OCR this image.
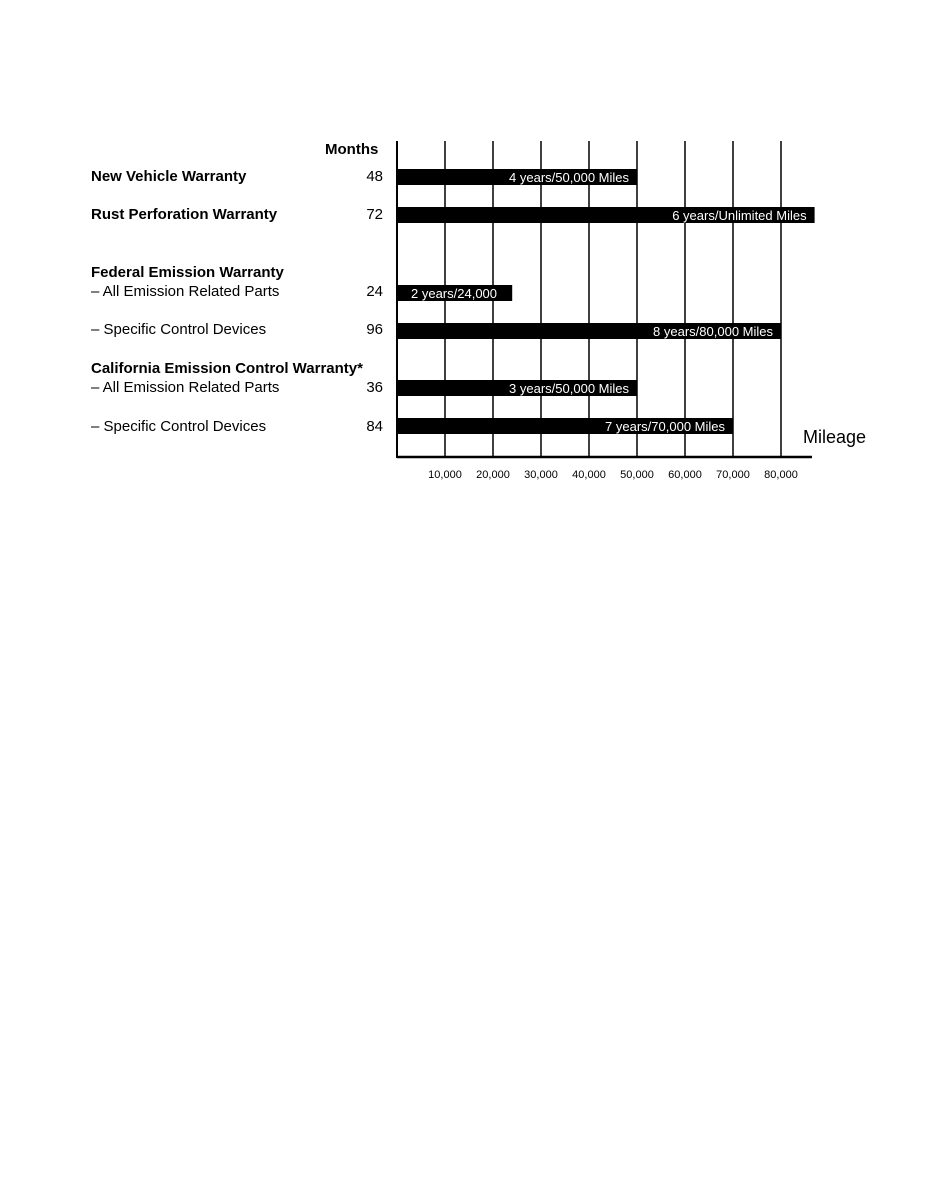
Months
New Vehicle Warranty	48
Rust Perforation Warranty	72
Federal Emission Warranty
– All Emission Related Parts	24
– Specific Control Devices	96
California Emission Control Warranty*
– All Emission Related Parts	36
– Specific Control Devices	84
4 years/50,000 Miles
6 years/Unlimited Miles
2 years/24,000
8 years/80,000 Miles
3 years/50,000 Miles
7 years/70,000 Miles
10,000 20,000 30,000 40,000 50,000 60,000 70,000 80,000
Mileage
